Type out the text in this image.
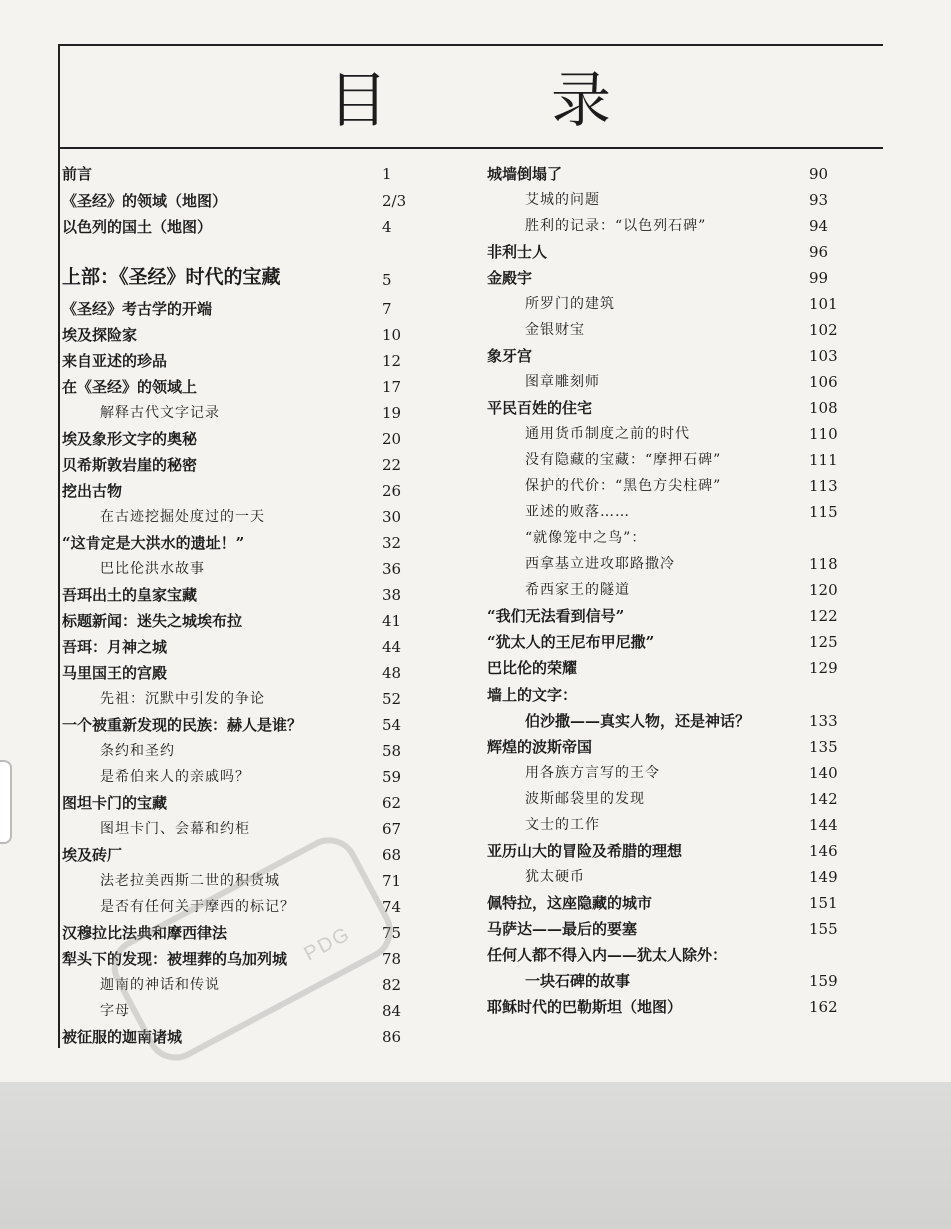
目 录
前言	1
《圣经》的领域（地图）	2/3
以色列的国土（地图）	4
上部：《圣经》时代的宝藏	5
《圣经》考古学的开端	7
埃及探险家	10
来自亚述的珍品	12
在《圣经》的领域上	17
解释古代文字记录	19
埃及象形文字的奥秘	20
贝希斯敦岩崖的秘密	22
挖出古物	26
在古迹挖掘处度过的一天	30
“这肯定是大洪水的遗址！”	32
巴比伦洪水故事	36
吾珥出土的皇家宝藏	38
标题新闻：迷失之城埃布拉	41
吾珥：月神之城	44
马里国王的宫殿	48
先祖：沉默中引发的争论	52
一个被重新发现的民族：赫人是谁？	54
条约和圣约	58
是希伯来人的亲戚吗？	59
图坦卡门的宝藏	62
图坦卡门、会幕和约柜	67
埃及砖厂	68
法老拉美西斯二世的积货城	71
是否有任何关于摩西的标记？	74
汉穆拉比法典和摩西律法	75
犁头下的发现：被埋葬的乌加列城	78
迦南的神话和传说	82
字母	84
被征服的迦南诸城	86
城墙倒塌了	90
艾城的问题	93
胜利的记录：“以色列石碑”	94
非利士人	96
金殿宇	99
所罗门的建筑	101
金银财宝	102
象牙宫	103
图章雕刻师	106
平民百姓的住宅	108
通用货币制度之前的时代	110
没有隐藏的宝藏：“摩押石碑”	111
保护的代价：“黑色方尖柱碑”	113
亚述的败落……	115
“就像笼中之鸟”：
西拿基立进攻耶路撒冷	118
希西家王的隧道	120
“我们无法看到信号”	122
“犹太人的王尼布甲尼撒”	125
巴比伦的荣耀	129
墙上的文字：
伯沙撒——真实人物，还是神话？	133
辉煌的波斯帝国	135
用各族方言写的王令	140
波斯邮袋里的发现	142
文士的工作	144
亚历山大的冒险及希腊的理想	146
犹太硬币	149
佩特拉，这座隐藏的城市	151
马萨达——最后的要塞	155
任何人都不得入内——犹太人除外：
一块石碑的故事	159
耶稣时代的巴勒斯坦（地图）	162
PDG
